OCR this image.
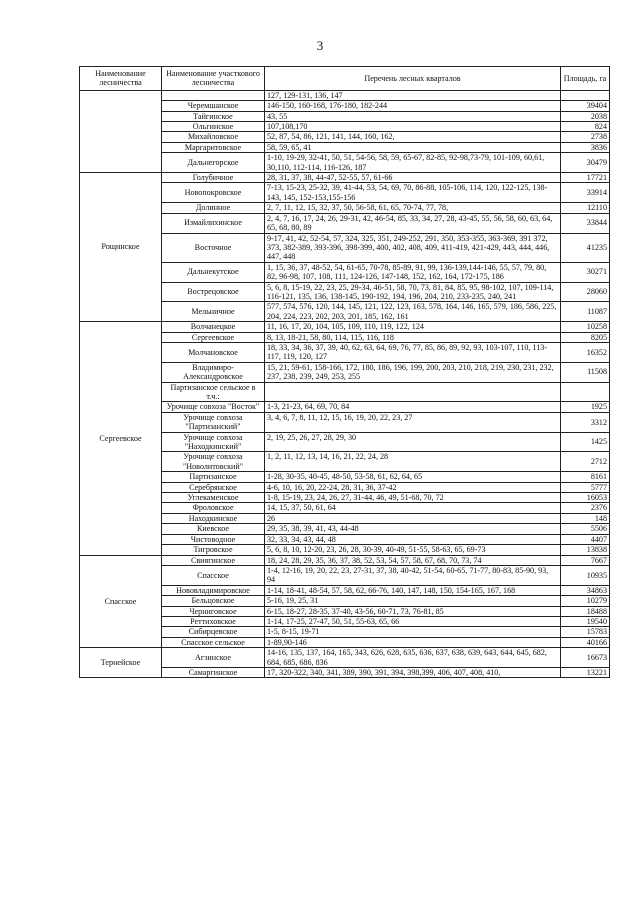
3
Наименование лесничества	Наименование участкового лесничества	Перечень лесных кварталов	Площадь, га
		127, 129-131, 136, 147	
	Черемшанское	146-150, 160-168, 176-180, 182-244	39404
	Тайгинское	43, 55	2038
	Ольгинское	107,108,170	824
	Михайловское	52, 87, 54, 86, 121, 141, 144, 160, 162,	2738
	Маргаритовское	58, 59, 65, 41	3836
	Дальнегорское	1-10, 19-29, 32-41, 50, 51, 54-56, 58, 59, 65-67, 82-85, 92-98,73-79, 101-109, 60,61, 30,110, 112-114, 116-126, 187	30479
Рощинское	Голубичное	28, 31, 37, 38, 44-47, 52-55, 57, 61-66	17721
	Новопокровское	7-13, 15-23, 25-32, 39, 41-44, 53, 54, 69, 70, 86-88, 105-106, 114, 120, 122-125, 138-143, 145, 152-153,155-156	33914
	Долинное	2, 7, 11, 12, 15, 32, 37, 50, 56-58, 61, 65, 70-74, 77, 78,	12110
	Измайлихинское	2, 4, 7, 16, 17, 24, 26, 29-31, 42, 46-54, 85, 33, 34, 27, 28, 43-45, 55, 56, 58, 60, 63, 64, 65, 68, 80, 89	33844
	Восточное	9-17, 41, 42, 52-54, 57, 324, 325, 351, 249-252, 291, 350, 353-355, 363-369, 391 372, 373, 382-389, 393-396, 398-399, 400, 402, 408, 409, 411-419, 421-429, 443, 444, 446, 447, 448	41235
	Дальнекутское	1, 15, 36, 37, 48-52, 54, 61-65, 70-78, 85-89, 91, 99, 136-139,144-146, 55, 57, 79, 80, 82, 96-98, 107, 108, 111, 124-126, 147-148, 152, 162, 164, 172-175, 186	30271
	Вострецовское	5, 6, 8, 15-19, 22, 23, 25, 29-34, 46-51, 58, 70, 73, 81, 84, 85, 95, 98-102, 107, 109-114, 116-121, 135, 136, 138-145, 190-192, 194, 196, 204, 210, 233-235, 240, 241	28060
	Мельничное	577, 574, 576, 120, 144, 145, 121, 122, 123, 163, 578, 164, 146, 165, 579, 186, 586, 225, 204, 224, 223, 202, 203, 201, 185, 162, 161	11087
Сергеевское	Волчанецкое	11, 16, 17, 20, 104, 105, 109, 110, 119, 122, 124	10258
	Сергеевское	8, 13, 18-21, 58, 80, 114, 115, 116, 118	8205
	Молчановское	18, 33, 34, 36, 37, 39, 40, 62, 63, 64, 69, 76, 77, 85, 86, 89, 92, 93, 103-107, 110, 113-117, 119, 120, 127	16352
	Владимиро-Александровское	15, 21, 59-61, 158-166, 172, 180, 186, 196, 199, 200, 203, 210, 218, 219, 230, 231, 232, 237, 238, 239, 249, 253, 255	11508
	Партизанское сельское в т.ч.:		
	Урочище совхоза "Восток"	1-3, 21-23, 64, 69, 70, 84	1925
	Урочище совхоза "Партизанский"	3, 4, 6, 7, 8, 11, 12, 15, 16, 19, 20, 22, 23, 27	3312
	Урочище совхоза "Находкинский"	2, 19, 25, 26, 27, 28, 29, 30	1425
	Урочище совхоза "Новолитовский"	1, 2, 11, 12, 13, 14, 16, 21, 22, 24, 28	2712
	Партизанское	1-28, 30-35, 40-45, 48-50, 53-58, 61, 62, 64, 65	8161
	Серебрянское	4-6, 10, 16, 20, 22-24, 28, 31, 36, 37-42	5777
	Углекаменское	1-8, 15-19, 23, 24, 26, 27, 31-44, 46, 49, 51-68, 70, 72	16053
	Фроловское	14, 15, 37, 50, 61, 64	2376
	Находкинское	26	148
	Киевское	29, 35, 38, 39, 41, 43, 44-48	5506
	Чистоводное	32, 33, 34, 43, 44, 48	4407
	Тигровское	5, 6, 8, 10, 12-20, 23, 26, 28, 30-39, 40-49, 51-55, 58-63, 65, 69-73	13838
Спасское	Свиягинское	18, 24, 28, 29, 35, 36, 37, 38, 52, 53, 54, 57, 58, 67, 68, 70, 73, 74	7667
	Спасское	1-4, 12-16, 19, 20, 22, 23, 27-31, 37, 38, 40-42, 51-54, 60-65, 71-77, 80-83, 85-90, 93, 94	10935
	Нововладимировское	1-14, 18-41, 48-54, 57, 58, 62, 66-76, 140, 147, 148, 150, 154-165, 167, 168	34863
	Бельцовское	5-16, 19, 25, 31	10279
	Черниговское	6-15, 18-27, 28-35, 37-40, 43-56, 60-71, 73, 76-81, 85	18488
	Реттиховское	1-14, 17-25, 27-47, 50, 51, 55-63, 65, 66	19540
	Сибирцевское	1-5, 8-15, 19-71	15783
	Спасское сельское	1-89,90-146	40166
Тернейское	Агзинское	14-16, 135, 137, 164, 165, 343, 626, 628, 635, 636, 637, 638, 639, 643, 644, 645, 682, 684, 685, 686, 836	16673
	Самаргинское	17, 320-322, 340, 341, 389, 390, 391, 394, 398,399, 406, 407, 408, 410,	13221
